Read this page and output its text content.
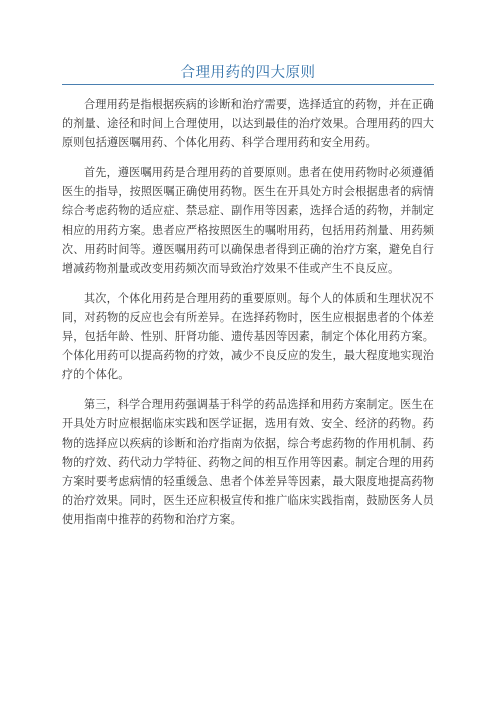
合理用药的四大原则

合理用药是指根据疾病的诊断和治疗需要，选择适宜的药物，并在正确的剂量、途径和时间上合理使用，以达到最佳的治疗效果。合理用药的四大原则包括遵医嘱用药、个体化用药、科学合理用药和安全用药。

首先，遵医嘱用药是合理用药的首要原则。患者在使用药物时必须遵循医生的指导，按照医嘱正确使用药物。医生在开具处方时会根据患者的病情综合考虑药物的适应症、禁忌症、副作用等因素，选择合适的药物，并制定相应的用药方案。患者应严格按照医生的嘱咐用药，包括用药剂量、用药频次、用药时间等。遵医嘱用药可以确保患者得到正确的治疗方案，避免自行增减药物剂量或改变用药频次而导致治疗效果不佳或产生不良反应。

其次，个体化用药是合理用药的重要原则。每个人的体质和生理状况不同，对药物的反应也会有所差异。在选择药物时，医生应根据患者的个体差异，包括年龄、性别、肝肾功能、遗传基因等因素，制定个体化用药方案。个体化用药可以提高药物的疗效，减少不良反应的发生，最大程度地实现治疗的个体化。

第三，科学合理用药强调基于科学的药品选择和用药方案制定。医生在开具处方时应根据临床实践和医学证据，选用有效、安全、经济的药物。药物的选择应以疾病的诊断和治疗指南为依据，综合考虑药物的作用机制、药物的疗效、药代动力学特征、药物之间的相互作用等因素。制定合理的用药方案时要考虑病情的轻重缓急、患者个体差异等因素，最大限度地提高药物的治疗效果。同时，医生还应积极宣传和推广临床实践指南，鼓励医务人员使用指南中推荐的药物和治疗方案。
